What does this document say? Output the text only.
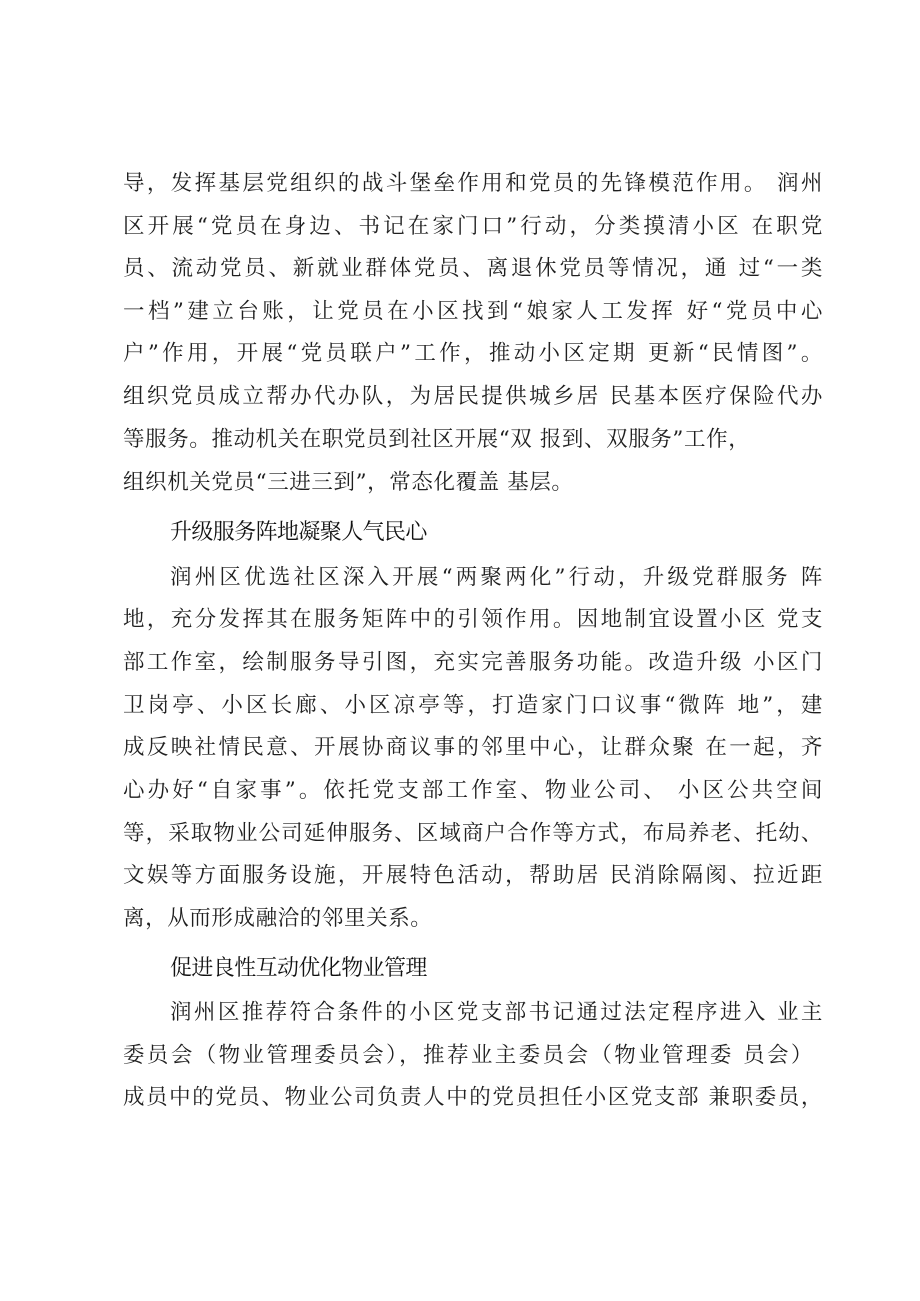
导，发挥基层党组织的战斗堡垒作用和党员的先锋模范作用。 润州
区开展“党员在身边、书记在家门口”行动，分类摸清小区 在职党
员、流动党员、新就业群体党员、离退休党员等情况，通 过“一类
一档”建立台账，让党员在小区找到“娘家人工发挥 好“党员中心
户”作用，开展“党员联户”工作，推动小区定期 更新“民情图”。
组织党员成立帮办代办队，为居民提供城乡居 民基本医疗保险代办
等服务。推动机关在职党员到社区开展“双 报到、双服务”工作，
组织机关党员“三进三到”，常态化覆盖 基层。
升级服务阵地凝聚人气民心
润州区优选社区深入开展“两聚两化”行动，升级党群服务 阵
地，充分发挥其在服务矩阵中的引领作用。因地制宜设置小区 党支
部工作室，绘制服务导引图，充实完善服务功能。改造升级 小区门
卫岗亭、小区长廊、小区凉亭等，打造家门口议事“微阵 地”，建
成反映社情民意、开展协商议事的邻里中心，让群众聚 在一起，齐
心办好“自家事”。依托党支部工作室、物业公司、 小区公共空间
等，采取物业公司延伸服务、区域商户合作等方式，布局养老、托幼、
文娱等方面服务设施，开展特色活动，帮助居 民消除隔阂、拉近距
离，从而形成融洽的邻里关系。
促进良性互动优化物业管理
润州区推荐符合条件的小区党支部书记通过法定程序进入 业主
委员会（物业管理委员会），推荐业主委员会（物业管理委 员会）
成员中的党员、物业公司负责人中的党员担任小区党支部 兼职委员，
